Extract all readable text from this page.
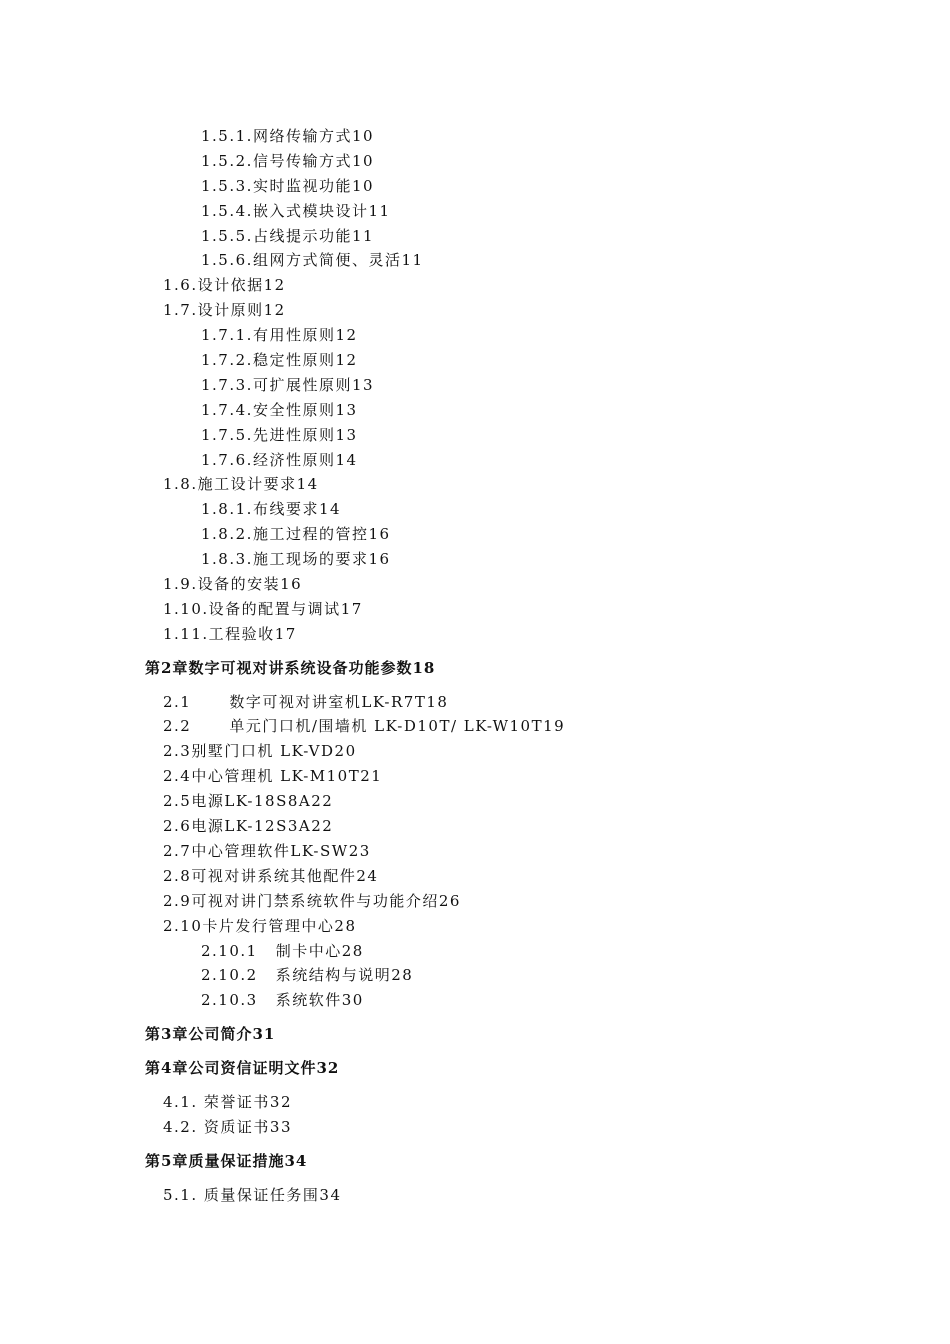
1.5.1.网络传输方式10
1.5.2.信号传输方式10
1.5.3.实时监视功能10
1.5.4.嵌入式模块设计11
1.5.5.占线提示功能11
1.5.6.组网方式简便、灵活11
1.6.设计依据12
1.7.设计原则12
1.7.1.有用性原则12
1.7.2.稳定性原则12
1.7.3.可扩展性原则13
1.7.4.安全性原则13
1.7.5.先进性原则13
1.7.6.经济性原则14
1.8.施工设计要求14
1.8.1.布线要求14
1.8.2.施工过程的管控16
1.8.3.施工现场的要求16
1.9.设备的安装16
1.10.设备的配置与调试17
1.11.工程验收17
第2章数字可视对讲系统设备功能参数18
2.1	数字可视对讲室机LK-R7T18
2.2	单元门口机/围墙机 LK-D10T/ LK-W10T19
2.3别墅门口机 LK-VD20
2.4中心管理机 LK-M10T21
2.5电源LK-18S8A22
2.6电源LK-12S3A22
2.7中心管理软件LK-SW23
2.8可视对讲系统其他配件24
2.9可视对讲门禁系统软件与功能介绍26
2.10卡片发行管理中心28
2.10.1 制卡中心28
2.10.2 系统结构与说明28
2.10.3 系统软件30
第3章公司简介31
第4章公司资信证明文件32
4.1. 荣誉证书32
4.2. 资质证书33
第5章质量保证措施34
5.1. 质量保证任务围34
